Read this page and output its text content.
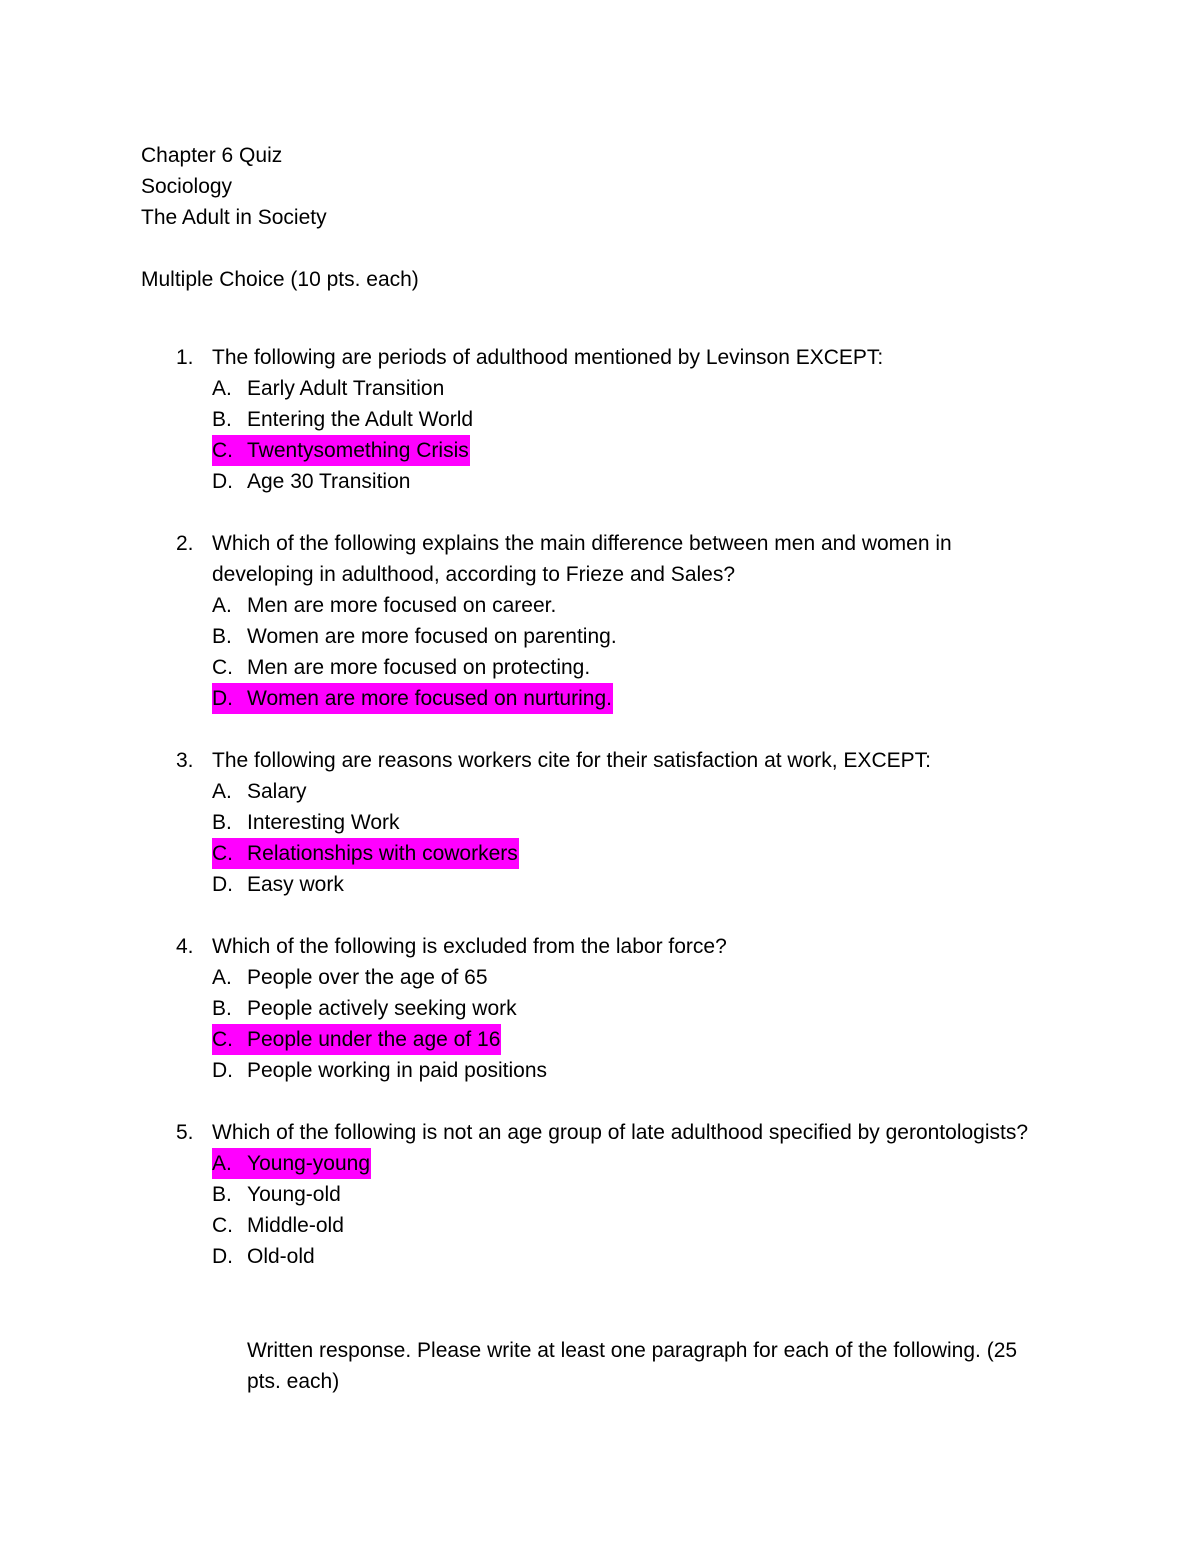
Chapter 6 Quiz
Sociology
The Adult in Society
Multiple Choice (10 pts. each)
1. The following are periods of adulthood mentioned by Levinson EXCEPT:
A. Early Adult Transition
B. Entering the Adult World
C. Twentysomething Crisis
D. Age 30 Transition
2. Which of the following explains the main difference between men and women in
developing in adulthood, according to Frieze and Sales?
A. Men are more focused on career.
B. Women are more focused on parenting.
C. Men are more focused on protecting.
D. Women are more focused on nurturing.
3. The following are reasons workers cite for their satisfaction at work, EXCEPT:
A. Salary
B. Interesting Work
C. Relationships with coworkers
D. Easy work
4. Which of the following is excluded from the labor force?
A. People over the age of 65
B. People actively seeking work
C. People under the age of 16
D. People working in paid positions
5. Which of the following is not an age group of late adulthood specified by gerontologists?
A. Young-young
B. Young-old
C. Middle-old
D. Old-old
Written response. Please write at least one paragraph for each of the following. (25
pts. each)
